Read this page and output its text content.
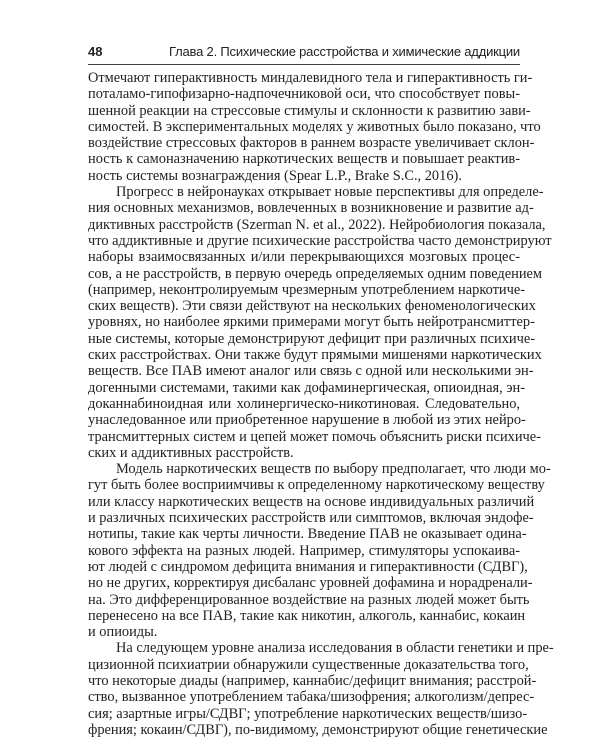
48	Глава 2. Психические расстройства и химические аддикции
Отмечают гиперактивность миндалевидного тела и гиперактивность ги-
поталамо-гипофизарно-надпочечниковой оси, что способствует повы-
шенной реакции на стрессовые стимулы и склонности к развитию зави-
симостей. В экспериментальных моделях у животных было показано, что
воздействие стрессовых факторов в раннем возрасте увеличивает склон-
ность к самоназначению наркотических веществ и повышает реактив-
ность системы вознаграждения (Spear L.P., Brake S.C., 2016).
Прогресс в нейронауках открывает новые перспективы для определе-
ния основных механизмов, вовлеченных в возникновение и развитие ад-
диктивных расстройств (Szerman N. et al., 2022). Нейробиология показала,
что аддиктивные и другие психические расстройства часто демонстрируют
наборы взаимосвязанных и/или перекрывающихся мозговых процес-
сов, а не расстройств, в первую очередь определяемых одним поведением
(например, неконтролируемым чрезмерным употреблением наркотиче-
ских веществ). Эти связи действуют на нескольких феноменологических
уровнях, но наиболее яркими примерами могут быть нейротрансмиттер-
ные системы, которые демонстрируют дефицит при различных психиче-
ских расстройствах. Они также будут прямыми мишенями наркотических
веществ. Все ПАВ имеют аналог или связь с одной или несколькими эн-
догенными системами, такими как дофаминергическая, опиоидная, эн-
доканнабиноидная или холинергическо-никотиновая. Следовательно,
унаследованное или приобретенное нарушение в любой из этих нейро-
трансмиттерных систем и цепей может помочь объяснить риски психиче-
ских и аддиктивных расстройств.
Модель наркотических веществ по выбору предполагает, что люди мо-
гут быть более восприимчивы к определенному наркотическому веществу
или классу наркотических веществ на основе индивидуальных различий
и различных психических расстройств или симптомов, включая эндофе-
нотипы, такие как черты личности. Введение ПАВ не оказывает одина-
кового эффекта на разных людей. Например, стимуляторы успокаива-
ют людей с синдромом дефицита внимания и гиперактивности (СДВГ),
но не других, корректируя дисбаланс уровней дофамина и норадренали-
на. Это дифференцированное воздействие на разных людей может быть
перенесено на все ПАВ, такие как никотин, алкоголь, каннабис, кокаин
и опиоиды.
На следующем уровне анализа исследования в области генетики и пре-
цизионной психиатрии обнаружили существенные доказательства того,
что некоторые диады (например, каннабис/дефицит внимания; расстрой-
ство, вызванное употреблением табака/шизофрения; алкоголизм/депрес-
сия; азартные игры/СДВГ; употребление наркотических веществ/шизо-
френия; кокаин/СДВГ), по-видимому, демонстрируют общие генетические
